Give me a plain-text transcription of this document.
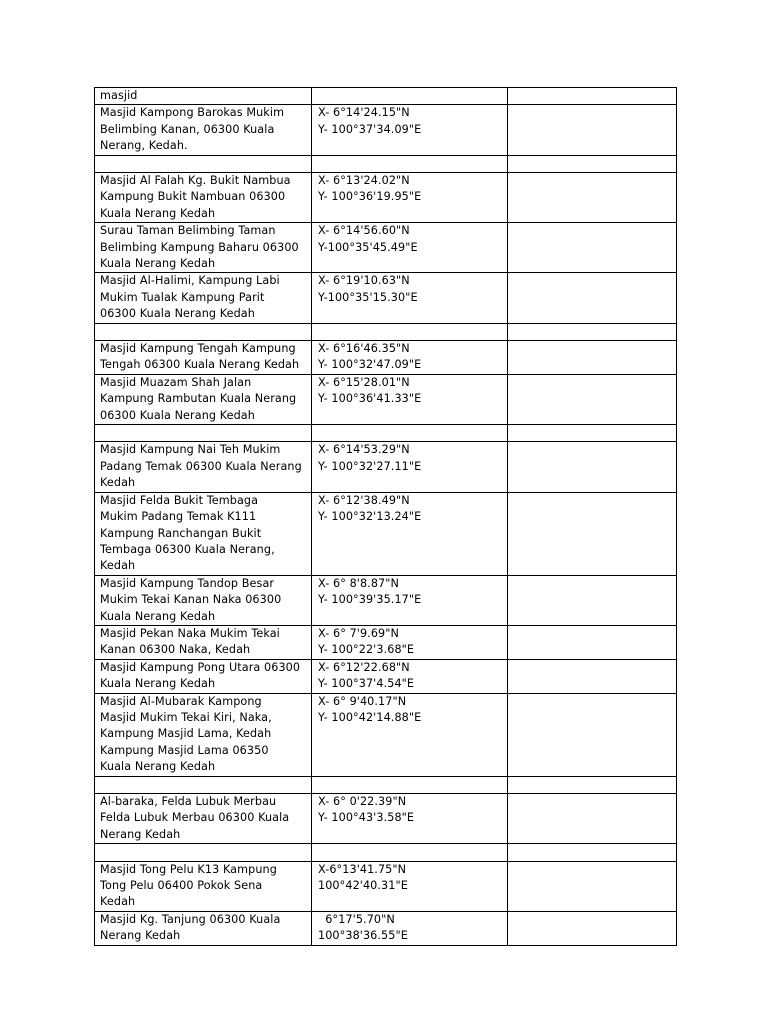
masjid		

Masjid Kampong Barokas Mukim
Belimbing Kanan, 06300 Kuala
Nerang, Kedah.	X- 6°14'24.15"N
Y- 100°37'34.09"E	

Masjid Al Falah Kg. Bukit Nambua
Kampung Bukit Nambuan 06300
Kuala Nerang Kedah	X- 6°13'24.02"N
Y- 100°36'19.95"E	

Surau Taman Belimbing Taman
Belimbing Kampung Baharu 06300
Kuala Nerang Kedah	X- 6°14'56.60"N
Y-100°35'45.49"E	

Masjid Al-Halimi, Kampung Labi
Mukim Tualak Kampung Parit
06300 Kuala Nerang Kedah	X- 6°19'10.63"N
Y-100°35'15.30"E	

Masjid Kampung Tengah Kampung
Tengah 06300 Kuala Nerang Kedah	X- 6°16'46.35"N
Y- 100°32'47.09"E	

Masjid Muazam Shah Jalan
Kampung Rambutan Kuala Nerang
06300 Kuala Nerang Kedah	X- 6°15'28.01"N
Y- 100°36'41.33"E	

Masjid Kampung Nai Teh Mukim
Padang Temak 06300 Kuala Nerang
Kedah	X- 6°14'53.29"N
Y- 100°32'27.11"E	

Masjid Felda Bukit Tembaga
Mukim Padang Temak K111
Kampung Ranchangan Bukit
Tembaga 06300 Kuala Nerang,
Kedah	X- 6°12'38.49"N
Y- 100°32'13.24"E	

Masjid Kampung Tandop Besar
Mukim Tekai Kanan Naka 06300
Kuala Nerang Kedah	X- 6° 8'8.87"N
Y- 100°39'35.17"E	

Masjid Pekan Naka Mukim Tekai
Kanan 06300 Naka, Kedah	X- 6° 7'9.69"N
Y- 100°22'3.68"E	

Masjid Kampung Pong Utara 06300
Kuala Nerang Kedah	X- 6°12'22.68"N
Y- 100°37'4.54"E	

Masjid Al-Mubarak Kampong
Masjid Mukim Tekai Kiri, Naka,
Kampung Masjid Lama, Kedah
Kampung Masjid Lama 06350
Kuala Nerang Kedah	X- 6° 9'40.17"N
Y- 100°42'14.88"E	

Al-baraka, Felda Lubuk Merbau
Felda Lubuk Merbau 06300 Kuala
Nerang Kedah	X- 6° 0'22.39"N
Y- 100°43'3.58"E	

Masjid Tong Pelu K13 Kampung
Tong Pelu 06400 Pokok Sena
Kedah	X-6°13'41.75"N
100°42'40.31"E	

Masjid Kg. Tanjung 06300 Kuala
Nerang Kedah	6°17'5.70"N
100°38'36.55"E	
